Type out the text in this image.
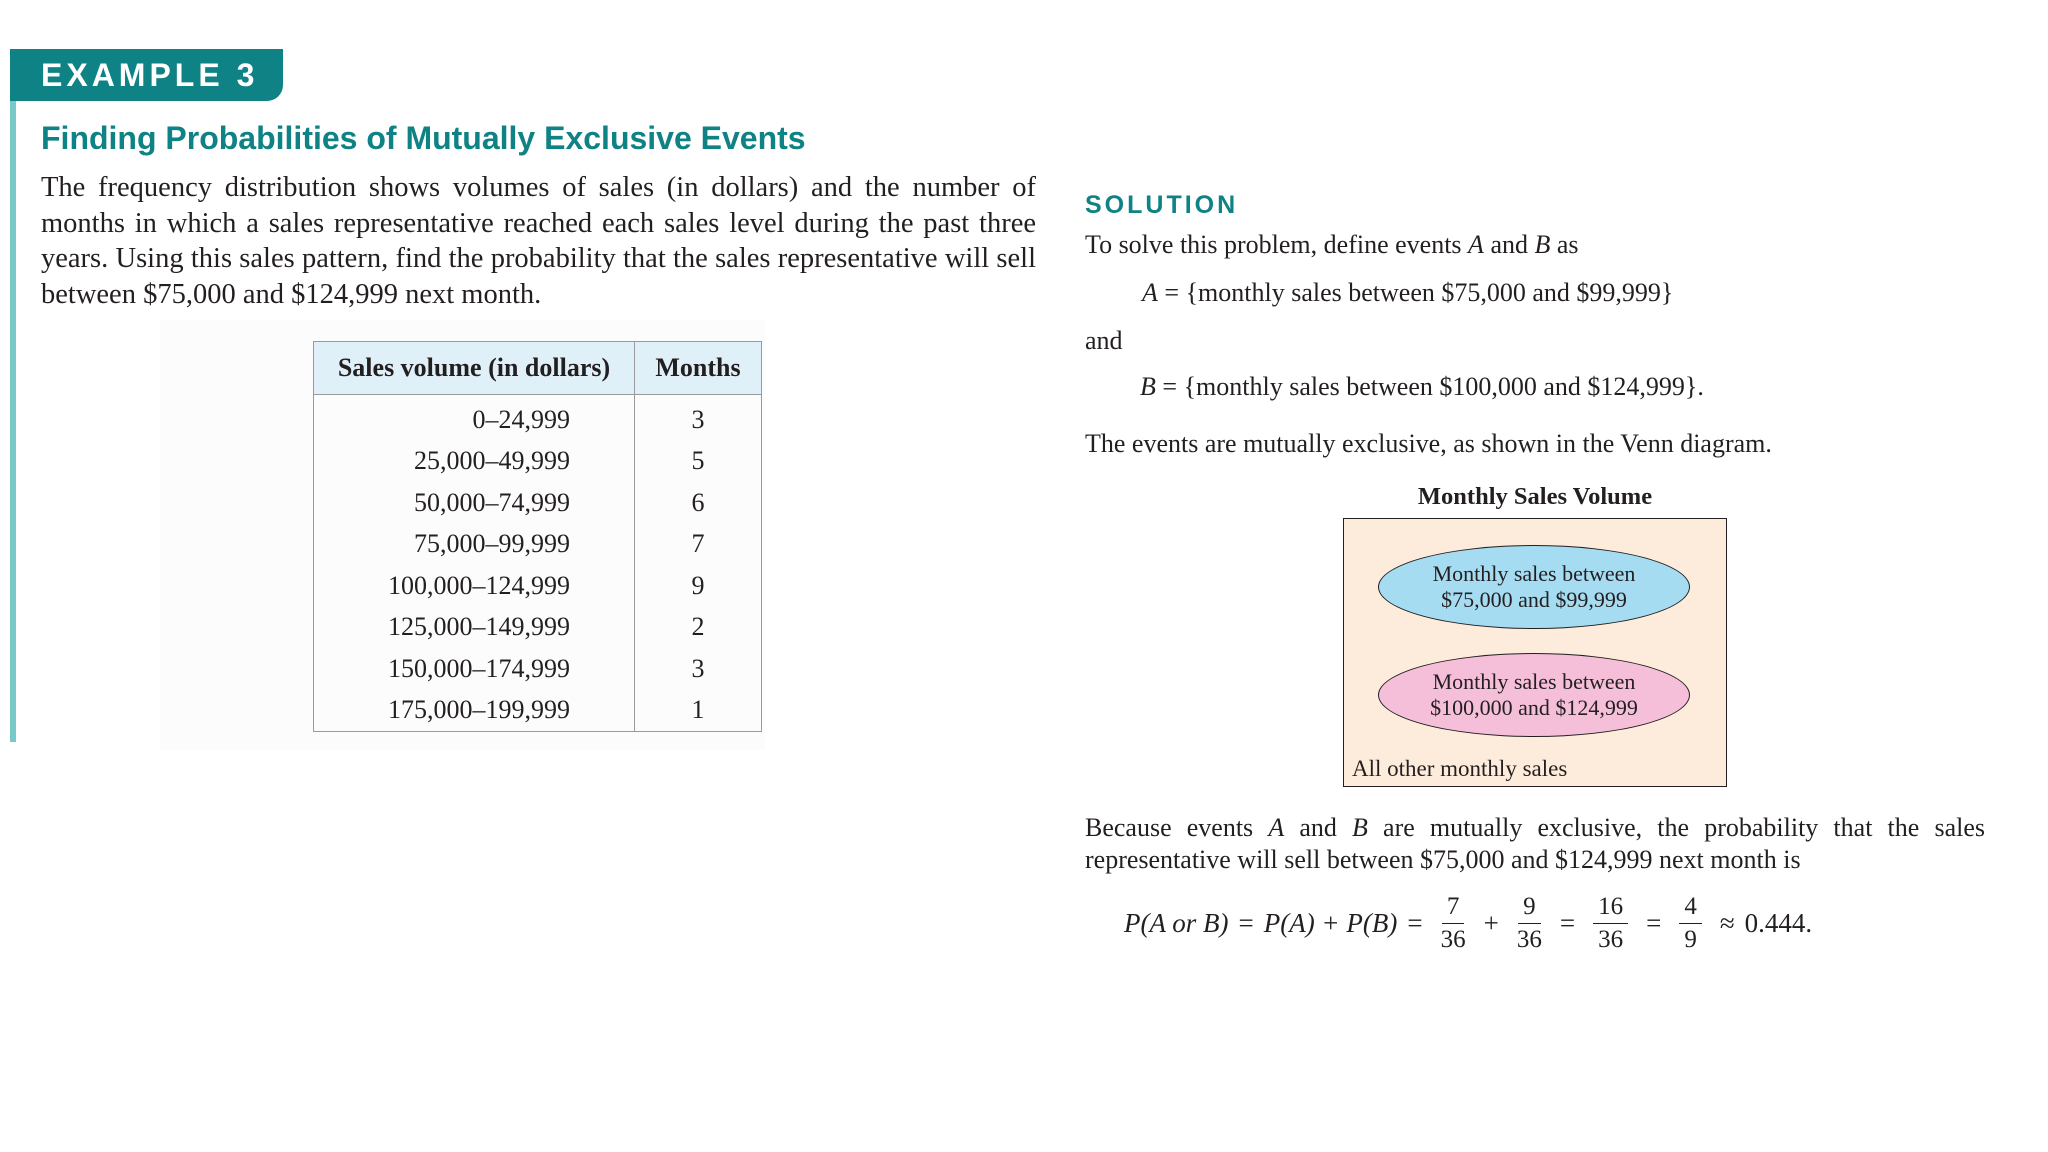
EXAMPLE 3
Finding Probabilities of Mutually Exclusive Events

The frequency distribution shows volumes of sales (in dollars) and the number of months in which a sales representative reached each sales level during the past three years. Using this sales pattern, find the probability that the sales representative will sell between $75,000 and $124,999 next month.

Sales volume (in dollars)	Months
0–24,999	3
25,000–49,999	5
50,000–74,999	6
75,000–99,999	7
100,000–124,999	9
125,000–149,999	2
150,000–174,999	3
175,000–199,999	1
SOLUTION
To solve this problem, define events A and B as
A = {monthly sales between $75,000 and $99,999}
and
B = {monthly sales between $100,000 and $124,999}.
The events are mutually exclusive, as shown in the Venn diagram.
Monthly Sales Volume
Monthly sales between
$75,000 and $99,999
Monthly sales between
$100,000 and $124,999
All other monthly sales

Because events A and B are mutually exclusive, the probability that the sales representative will sell between $75,000 and $124,999 next month is

P(A or $B) = P(A) + P(B) = \frac{7}{36} + \frac{9}{36} = \frac{16}{36} = \frac{4}{9} \approx 0.444$.
